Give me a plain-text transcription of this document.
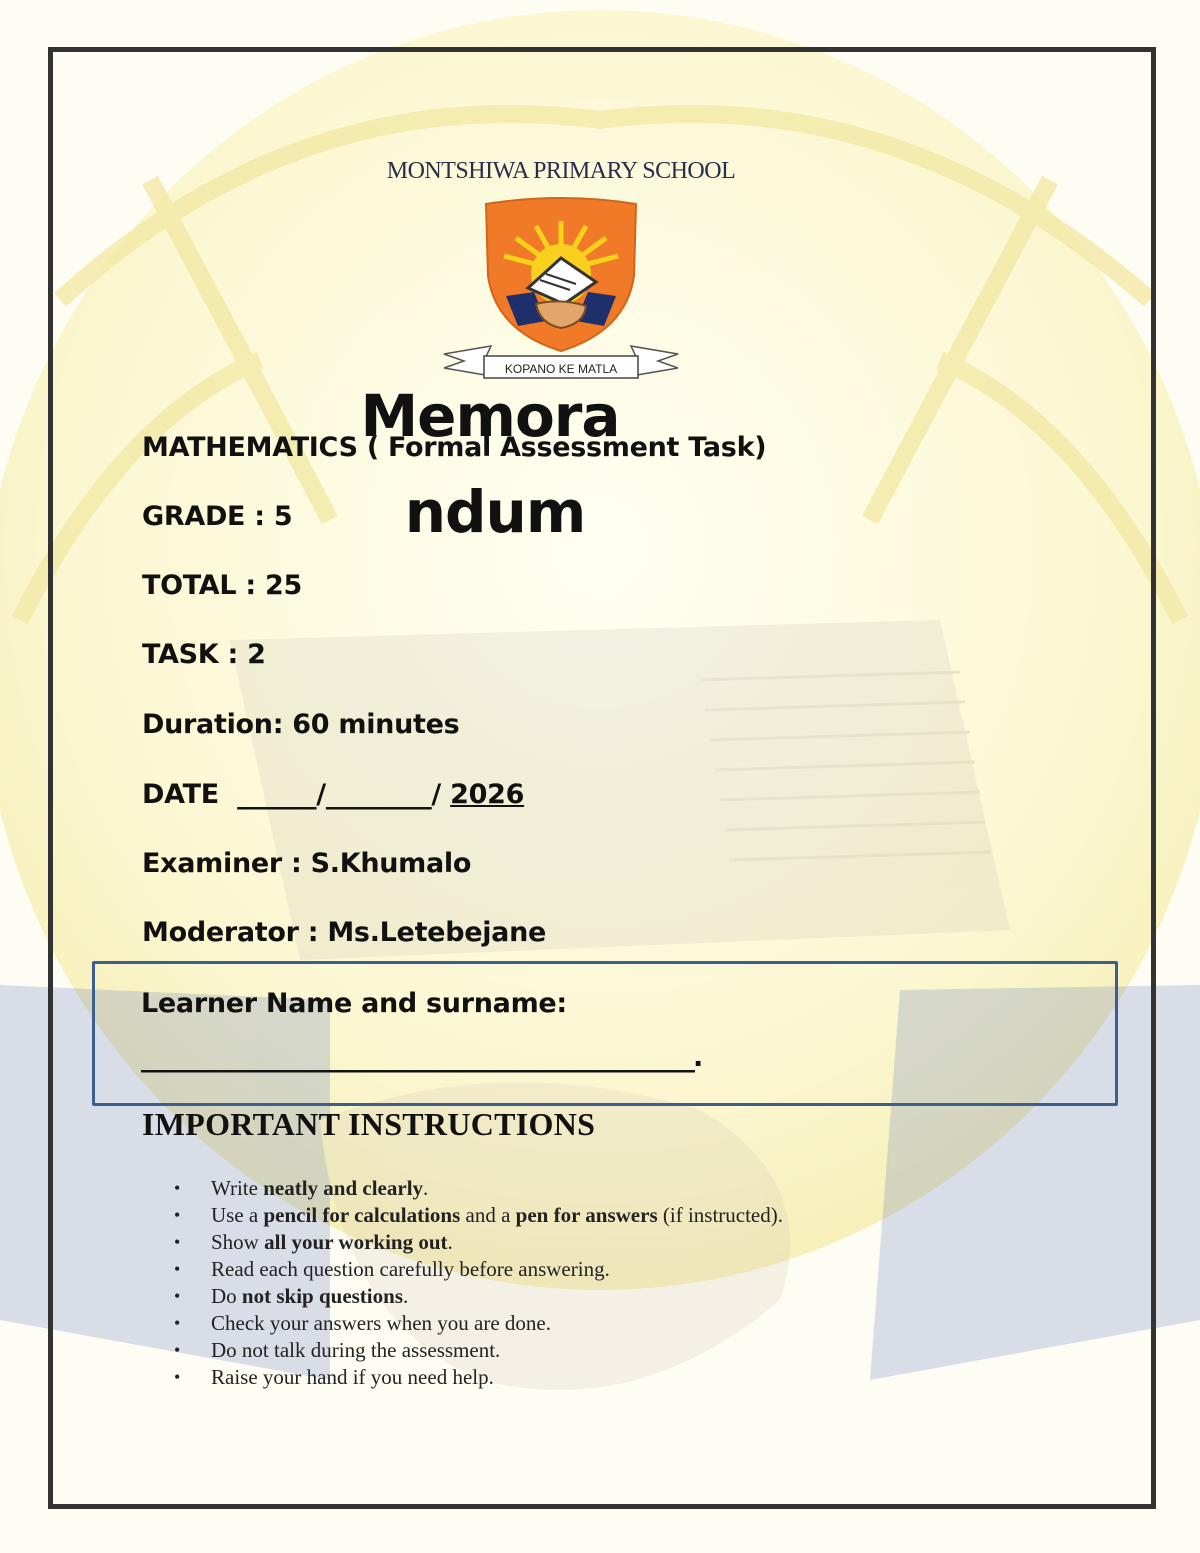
MONTSHIWA PRIMARY SCHOOL
KOPANO KE MATLA
Memora
ndum
MATHEMATICS ( Formal Assessment Task)
GRADE : 5
TOTAL : 25
TASK : 2
Duration: 60 minutes
DATE  ______/________/ 2026
Examiner : S.Khumalo
Moderator : Ms.Letebejane
Learner Name and surname:
________________________________________________.
IMPORTANT INSTRUCTIONS
• Write neatly and clearly.
• Use a pencil for calculations and a pen for answers (if instructed).
• Show all your working out.
• Read each question carefully before answering.
• Do not skip questions.
• Check your answers when you are done.
• Do not talk during the assessment.
• Raise your hand if you need help.
